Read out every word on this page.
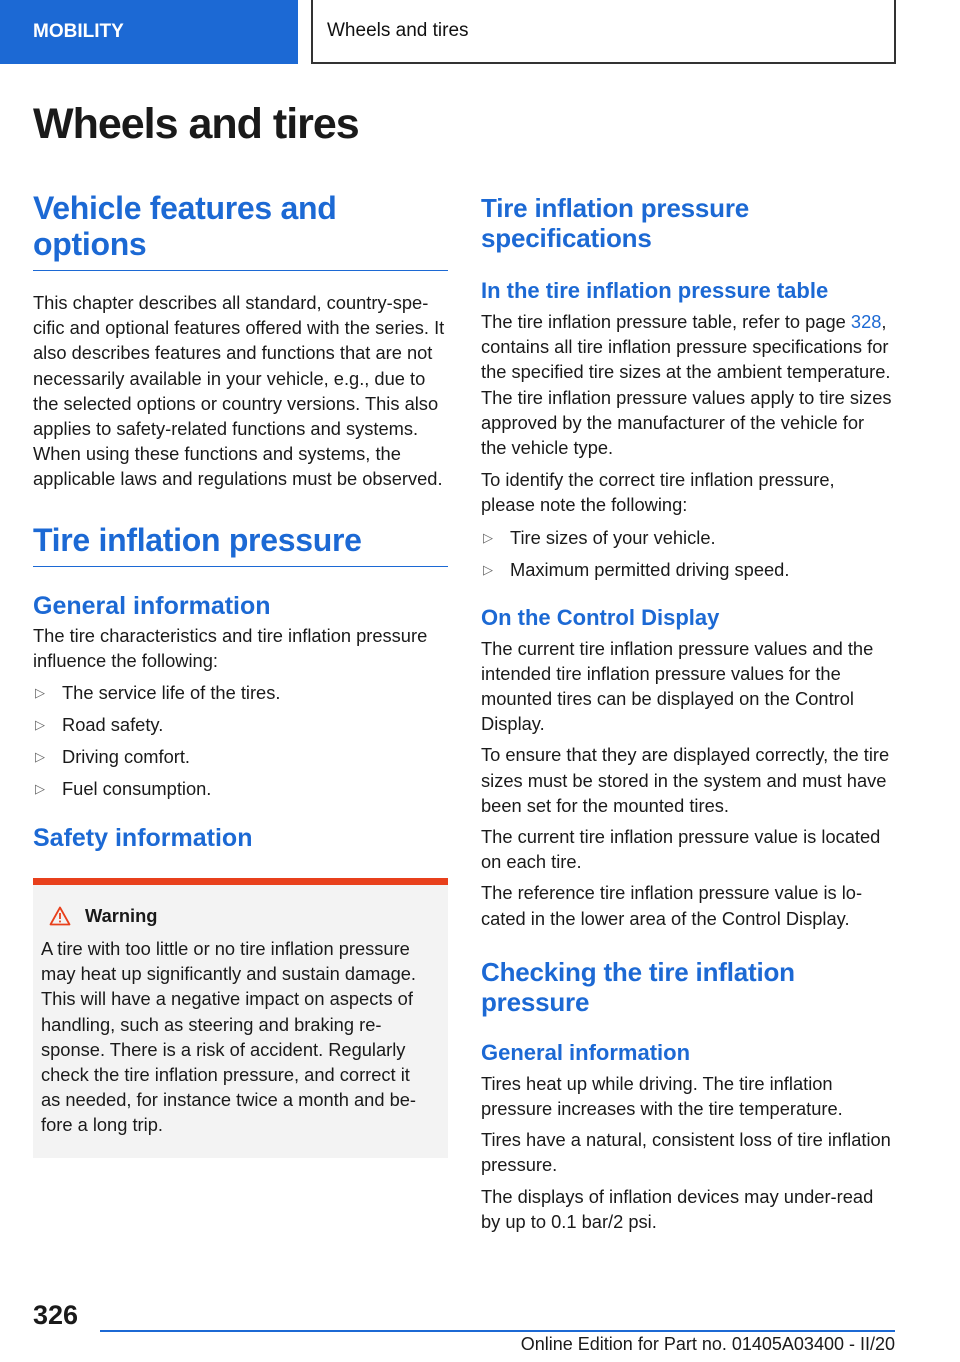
MOBILITY	Wheels and tires
Wheels and tires
Vehicle features and options

This chapter describes all standard, country-specific and optional features offered with the series. It also describes features and functions that are not necessarily available in your vehicle, e.g., due to the selected options or country versions. This also applies to safety-related functions and systems. When using these functions and systems, the applicable laws and regulations must be observed.

Tire inflation pressure
General information

The tire characteristics and tire inflation pressure influence the following:

▷ The service life of the tires.
▷ Road safety.
▷ Driving comfort.
▷ Fuel consumption.
Safety information
Warning

A tire with too little or no tire inflation pressure may heat up significantly and sustain damage. This will have a negative impact on aspects of handling, such as steering and braking response. There is a risk of accident. Regularly check the tire inflation pressure, and correct it as needed, for instance twice a month and before a long trip.

Tire inflation pressure specifications
In the tire inflation pressure table

The tire inflation pressure table, refer to page 328, contains all tire inflation pressure specifications for the specified tire sizes at the ambient temperature. The tire inflation pressure values apply to tire sizes approved by the manufacturer of the vehicle for the vehicle type.

To identify the correct tire inflation pressure, please note the following:

▷ Tire sizes of your vehicle.
▷ Maximum permitted driving speed.
On the Control Display

The current tire inflation pressure values and the intended tire inflation pressure values for the mounted tires can be displayed on the Control Display.

To ensure that they are displayed correctly, the tire sizes must be stored in the system and must have been set for the mounted tires.

The current tire inflation pressure value is located on each tire.

The reference tire inflation pressure value is located in the lower area of the Control Display.

Checking the tire inflation pressure
General information

Tires heat up while driving. The tire inflation pressure increases with the tire temperature.

Tires have a natural, consistent loss of tire inflation pressure.

The displays of inflation devices may under-read by up to 0.1 bar/2 psi.

326
Online Edition for Part no. 01405A03400 - II/20
